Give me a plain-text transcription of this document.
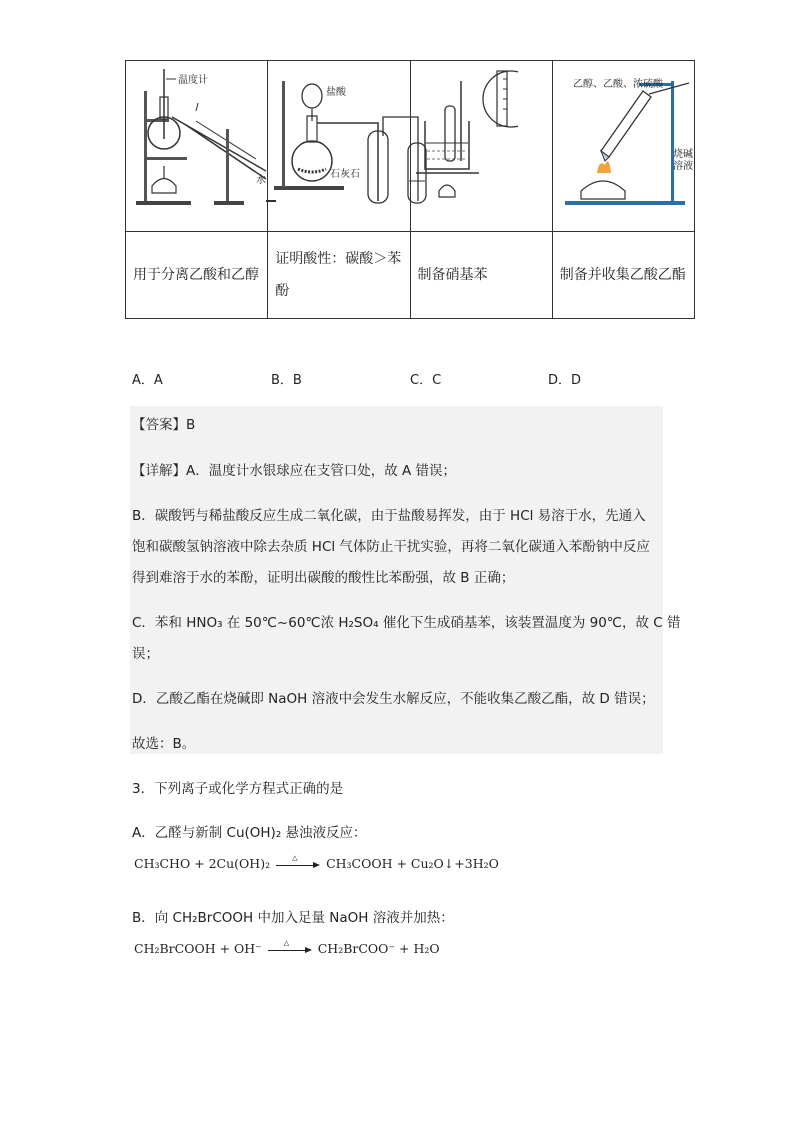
温度计
水	盐酸
石灰石		乙醇、乙酸、浓硫酸
烧碱
溶液

用于分离乙酸和乙醇	证明酸性：碳酸＞苯酚	制备硝基苯	制备并收集乙酸乙酯
A．A	B．B	C．C	D．D
【答案】B
【详解】A．温度计水银球应在支管口处，故 A 错误；
B．碳酸钙与稀盐酸反应生成二氧化碳，由于盐酸易挥发，由于 HCl 易溶于水，先通入
饱和碳酸氢钠溶液中除去杂质 HCl 气体防止干扰实验，再将二氧化碳通入苯酚钠中反应
得到难溶于水的苯酚，证明出碳酸的酸性比苯酚强，故 B 正确；
C．苯和 HNO₃ 在 50℃~60℃浓 H₂SO₄ 催化下生成硝基苯，该装置温度为 90℃，故 C 错
误；
D．乙酸乙酯在烧碱即 NaOH 溶液中会发生水解反应，不能收集乙酸乙酯，故 D 错误；
故选：B。
3．下列离子或化学方程式正确的是
A．乙醛与新制 Cu(OH)₂ 悬浊液反应：
CH₃CHO + 2Cu(OH)₂	△ CH₃COOH + Cu₂O↓+3H₂O
B．向 CH₂BrCOOH 中加入足量 NaOH 溶液并加热：
CH₂BrCOOH + OH⁻	△ CH₂BrCOO⁻ + H₂O
